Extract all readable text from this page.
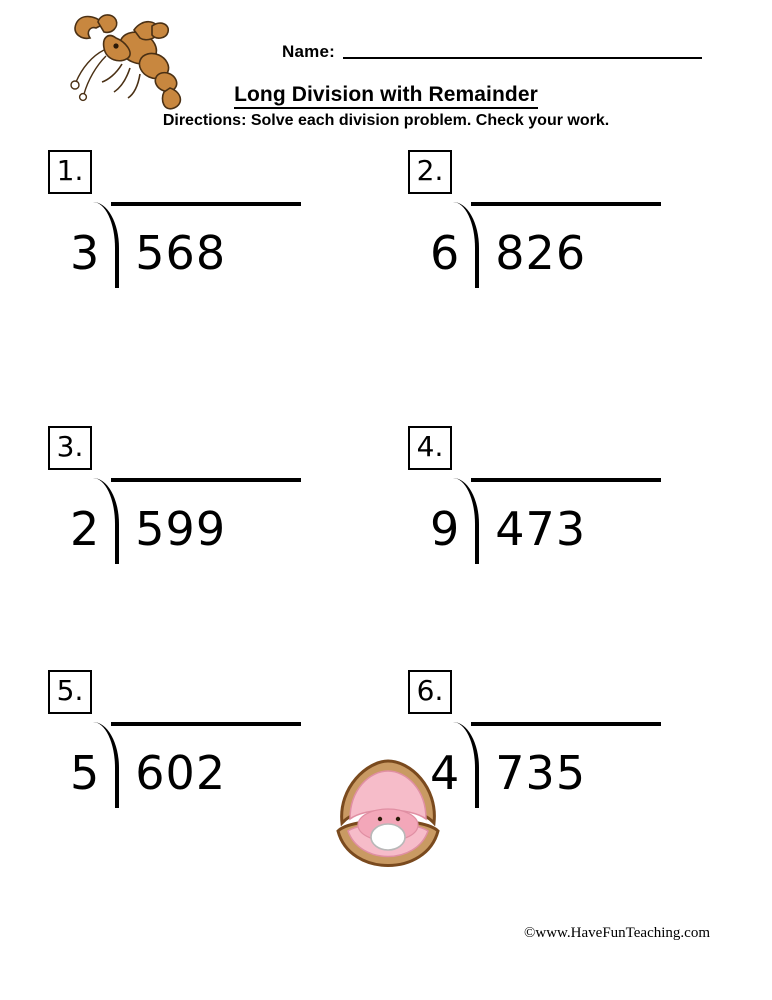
Name:
Long Division with Remainder
Directions: Solve each division problem. Check your work.
1.
3 568
2.
6 826
3.
2 599
4.
9 473
5.
5 602
6.
4 735
©www.HaveFunTeaching.com
